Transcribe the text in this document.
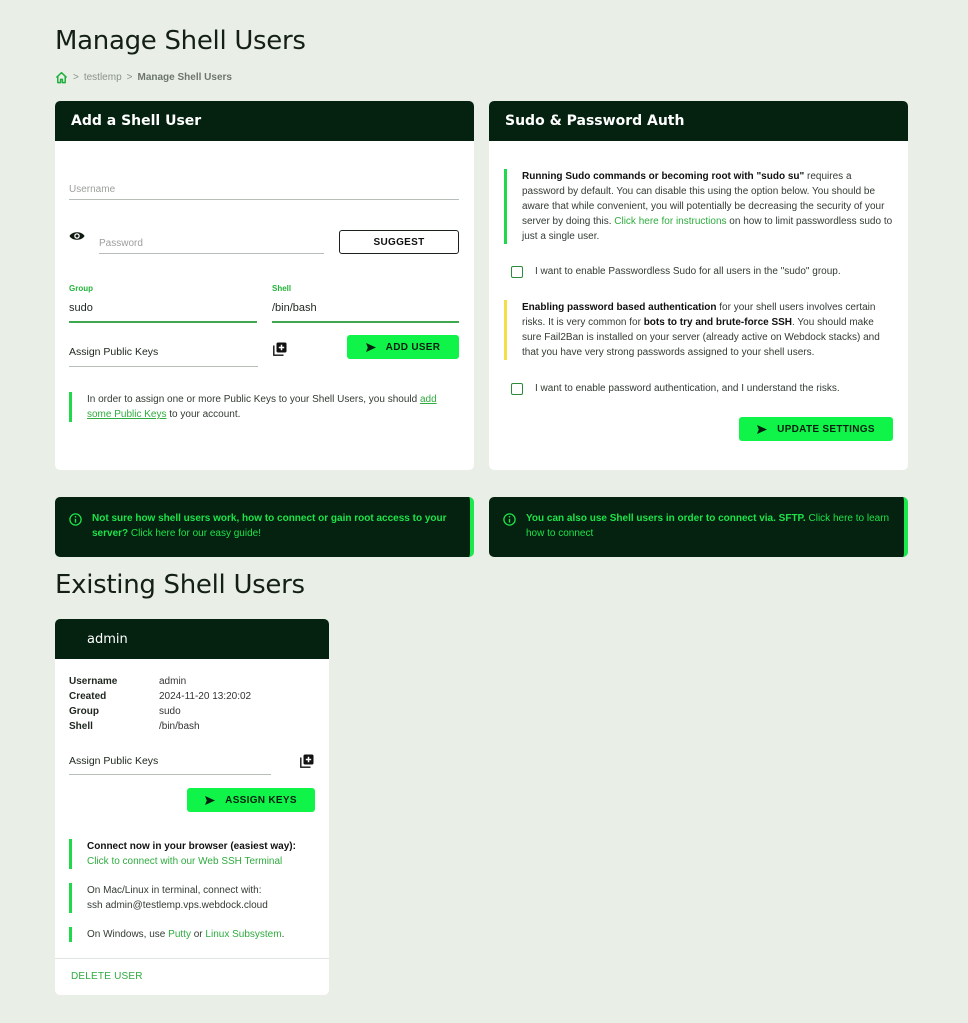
Manage Shell Users
> testlemp > Manage Shell Users
Add a Shell User
Username
Password	SUGGEST
Group
sudo
Shell
/bin/bash
Assign Public Keys	ADD USER
In order to assign one or more Public Keys to your Shell Users, you should add some Public Keys to your account.
Sudo & Password Auth
Running Sudo commands or becoming root with "sudo su" requires a password by default. You can disable this using the option below. You should be aware that while convenient, you will potentially be decreasing the security of your server by doing this. Click here for instructions on how to limit passwordless sudo to just a single user.
I want to enable Passwordless Sudo for all users in the "sudo" group.
Enabling password based authentication for your shell users involves certain risks. It is very common for bots to try and brute-force SSH. You should make sure Fail2Ban is installed on your server (already active on Webdock stacks) and that you have very strong passwords assigned to your shell users.
I want to enable password authentication, and I understand the risks.
UPDATE SETTINGS
Not sure how shell users work, how to connect or gain root access to your server? Click here for our easy guide!
You can also use Shell users in order to connect via. SFTP. Click here to learn how to connect
Existing Shell Users
admin
Username	admin
Created	2024-11-20 13:20:02
Group	sudo
Shell	/bin/bash
Assign Public Keys
ASSIGN KEYS
Connect now in your browser (easiest way):
Click to connect with our Web SSH Terminal
On Mac/Linux in terminal, connect with:
ssh admin@testlemp.vps.webdock.cloud
On Windows, use Putty or Linux Subsystem.
DELETE USER
